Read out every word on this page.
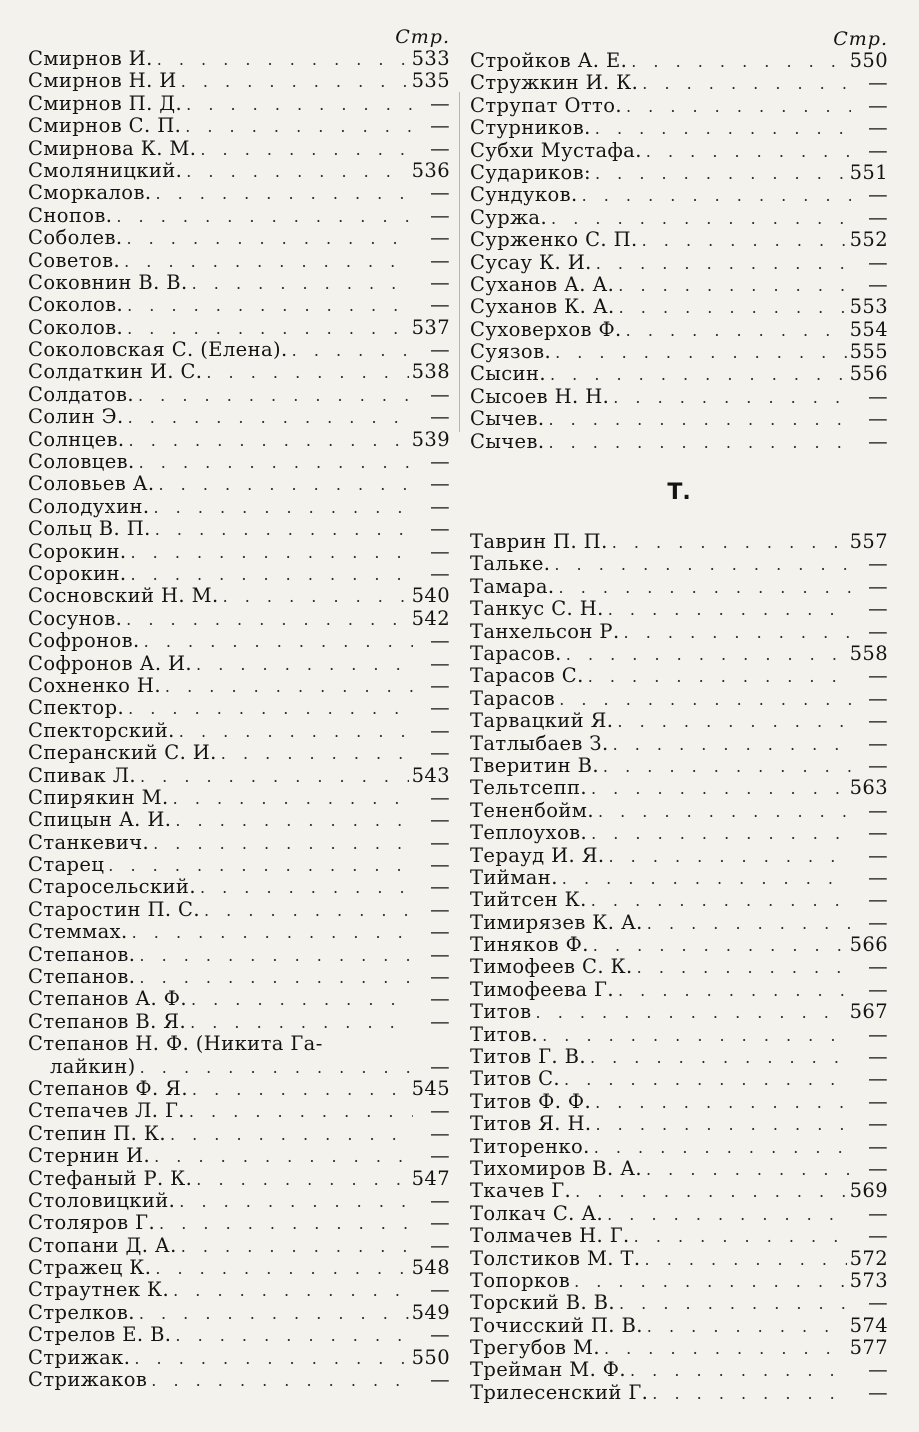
Стр.
Смирнов И. . . .	533
Смирнов Н. И . . .	535
Смирнов П. Д. . . .	—
Смирнов С. П. . . .	—
Смирнова К. М. . . .	—
Смоляницкий. . . .	536
Сморкалов. . . .	—
Снопов. . . .	—
Соболев. . . .	—
Советов. . . .	—
Соковнин В. В. . . .	—
Соколов. . . .	—
Соколов. . . .	537
Соколовская С. (Елена). . . .	—
Солдаткин И. С. . . .	538
Солдатов. . . .	—
Солин Э. . . .	—
Солнцев. . . .	539
Соловцев. . . .	—
Соловьев А. . . .	—
Солодухин. . . .	—
Сольц В. П. . . .	—
Сорокин. . . .	—
Сорокин. . . .	—
Сосновский Н. М. . . .	540
Сосунов. . . .	542
Софронов. . . .	—
Софронов А. И. . . .	—
Сохненко Н. . . .	—
Спектор. . . .	—
Спекторский. . . .	—
Сперанский С. И. . . .	—
Спивак Л. . . .	543
Спирякин М. . . .	—
Спицын А. И. . . .	—
Станкевич. . . .	—
Старец . . .	—
Старосельский. . . .	—
Старостин П. С. . . .	—
Стеммах. . . .	—
Степанов. . . .	—
Степанов. . . .	—
Степанов А. Ф. . . .	—
Степанов В. Я. . . .	—
Степанов Н. Ф. (Никита Га-
лайкин) . . .	—
Степанов Ф. Я. . . .	545
Степачев Л. Г. . . .	—
Степин П. К. . . .	—
Стернин И. . . .	—
Стефаный Р. К. . . .	547
Столовицкий. . . .	—
Столяров Г. . . .	—
Стопани Д. А. . . .	—
Стражец К. . . .	548
Страутнек К. . . .	—
Стрелков. . . .	549
Стрелов Е. В. . . .	—
Стрижак. . . .	550
Стрижаков . . .	—
Стр.
Стройков А. Е. . . .	550
Стружкин И. К. . . .	—
Струпат Отто. . . .	—
Стурников. . . .	—
Субхи Мустафа. . . .	—
Судариков: . . .	551
Сундуков. . . .	—
Суржа. . . .	—
Сурженко С. П. . . .	552
Сусау К. И. . . .	—
Суханов А. А. . . .	—
Суханов К. А. . . .	553
Суховерхов Ф. . . .	554
Суязов. . . .	555
Сысин. . . .	556
Сысоев Н. Н. . . .	—
Сычев. . . .	—
Сычев. . . .	—
Т.
Таврин П. П. . . .	557
Тальке. . . .	—
Тамара. . . .	—
Танкус С. Н. . . .	—
Танхельсон Р. . . .	—
Тарасов. . . .	558
Тарасов С. . . .	—
Тарасов . . .	—
Тарвацкий Я. . . .	—
Татлыбаев З. . . .	—
Тверитин В. . . .	—
Тельтсепп. . . .	563
Тененбойм. . . .	—
Теплоухов. . . .	—
Терауд И. Я. . . .	—
Тийман. . . .	—
Тийтсен К. . . .	—
Тимирязев К. А. . . .	—
Тиняков Ф. . . .	566
Тимофеев С. К. . . .	—
Тимофеева Г. . . .	—
Титов . . .	567
Титов. . . .	—
Титов Г. В. . . .	—
Титов С. . . .	—
Титов Ф. Ф. . . .	—
Титов Я. Н. . . .	—
Титоренко. . . .	—
Тихомиров В. А. . . .	—
Ткачев Г. . . .	569
Толкач С. А. . . .	—
Толмачев Н. Г. . . .	—
Толстиков М. Т. . . .	572
Топорков . . .	573
Торский В. В. . . .	—
Точисский П. В. . . .	574
Трегубов М. . . .	577
Трейман М. Ф. . . .	—
Трилесенский Г. . . .	—
